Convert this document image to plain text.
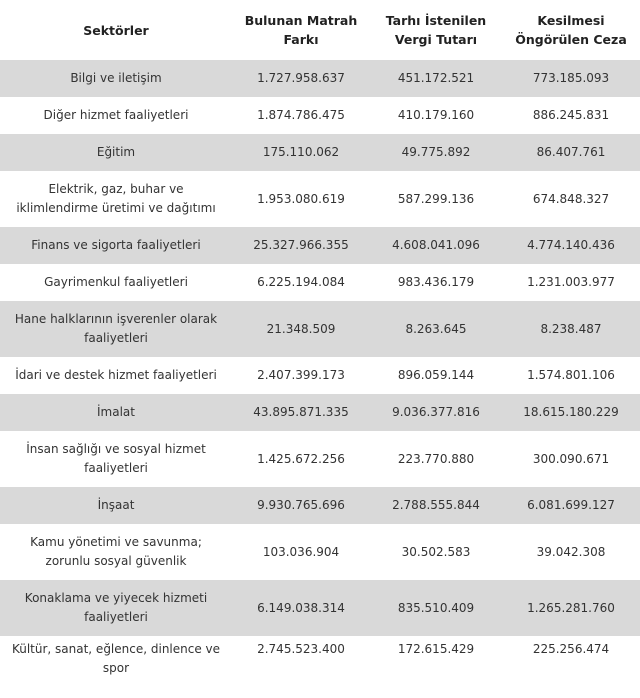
Sektörler	Bulunan Matrah Farkı	Tarhı İstenilen Vergi Tutarı	Kesilmesi Öngörülen Ceza
Bilgi ve iletişim	1.727.958.637	451.172.521	773.185.093
Diğer hizmet faaliyetleri	1.874.786.475	410.179.160	886.245.831
Eğitim	175.110.062	49.775.892	86.407.761
Elektrik, gaz, buhar ve iklimlendirme üretimi ve dağıtımı	1.953.080.619	587.299.136	674.848.327
Finans ve sigorta faaliyetleri	25.327.966.355	4.608.041.096	4.774.140.436
Gayrimenkul faaliyetleri	6.225.194.084	983.436.179	1.231.003.977
Hane halklarının işverenler olarak faaliyetleri	21.348.509	8.263.645	8.238.487
İdari ve destek hizmet faaliyetleri	2.407.399.173	896.059.144	1.574.801.106
İmalat	43.895.871.335	9.036.377.816	18.615.180.229
İnsan sağlığı ve sosyal hizmet faaliyetleri	1.425.672.256	223.770.880	300.090.671
İnşaat	9.930.765.696	2.788.555.844	6.081.699.127
Kamu yönetimi ve savunma; zorunlu sosyal güvenlik	103.036.904	30.502.583	39.042.308
Konaklama ve yiyecek hizmeti faaliyetleri	6.149.038.314	835.510.409	1.265.281.760
Kültür, sanat, eğlence, dinlence ve spor	2.745.523.400	172.615.429	225.256.474
